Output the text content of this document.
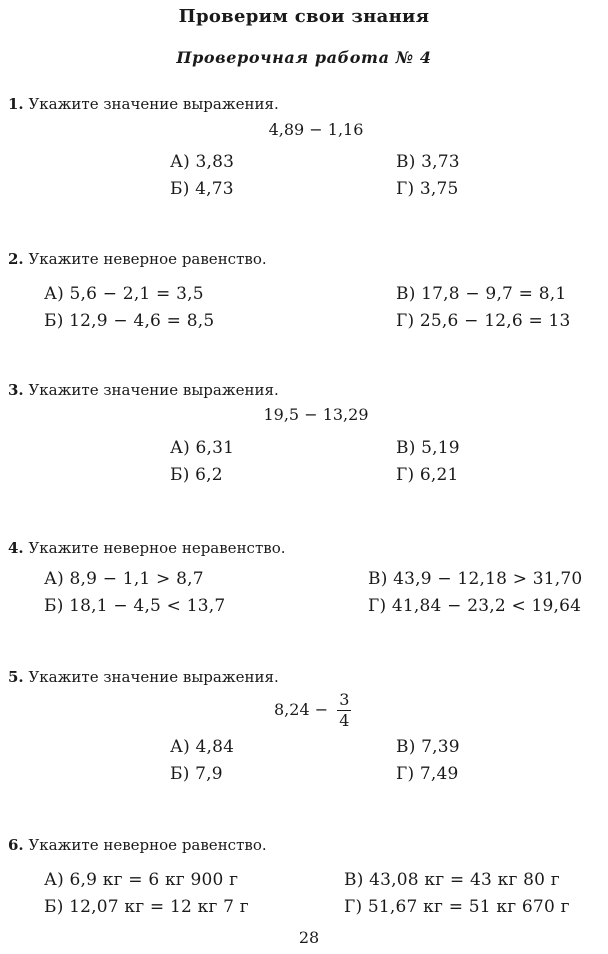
Проверим свои знания
Проверочная работа № 4
1. Укажите значение выражения.
4,89 − 1,16
А) 3,83	В) 3,73
Б) 4,73	Г) 3,75
2. Укажите неверное равенство.
А) 5,6 − 2,1 = 3,5	В) 17,8 − 9,7 = 8,1
Б) 12,9 − 4,6 = 8,5	Г) 25,6 − 12,6 = 13
3. Укажите значение выражения.
19,5 − 13,29
А) 6,31	В) 5,19
Б) 6,2	Г) 6,21
4. Укажите неверное неравенство.
А) 8,9 − 1,1 > 8,7	В) 43,9 − 12,18 > 31,70
Б) 18,1 − 4,5 < 13,7	Г) 41,84 − 23,2 < 19,64
5. Укажите значение выражения.
$8,24 - \frac{3}{4}$
А) 4,84	В) 7,39
Б) 7,9	Г) 7,49
6. Укажите неверное равенство.
А) 6,9 кг = 6 кг 900 г	В) 43,08 кг = 43 кг 80 г
Б) 12,07 кг = 12 кг 7 г	Г) 51,67 кг = 51 кг 670 г
28
